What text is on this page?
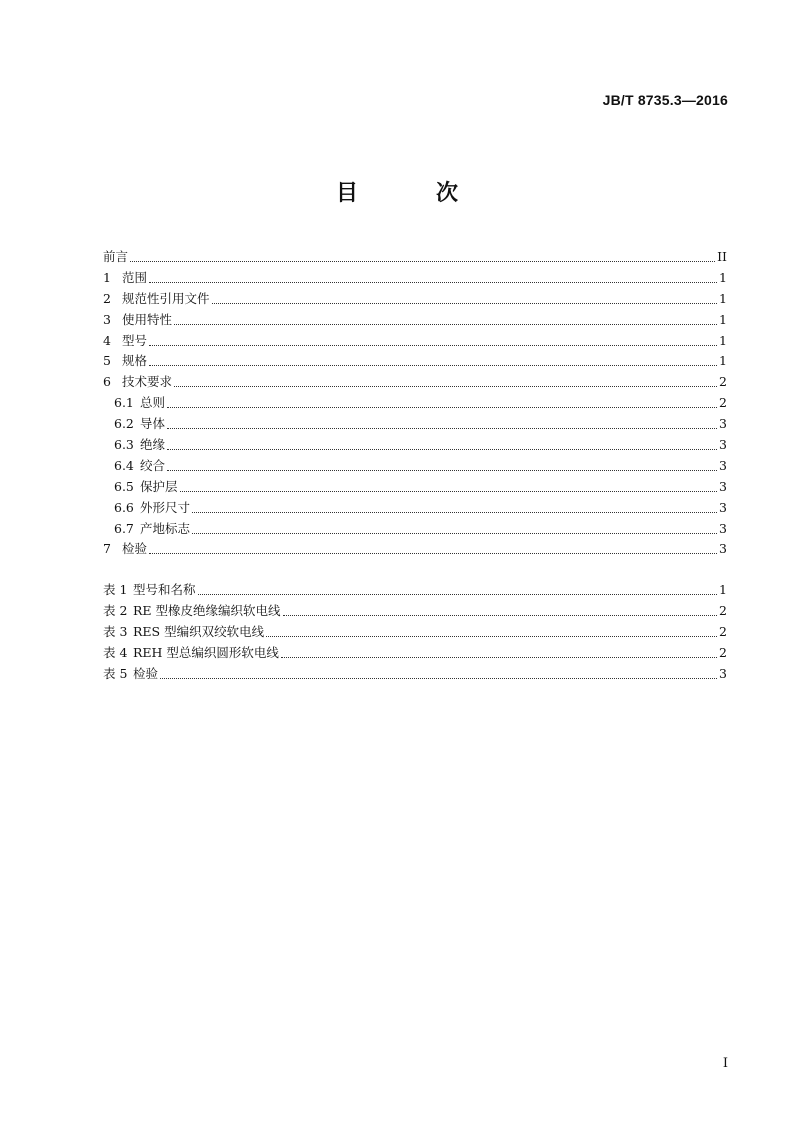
JB/T 8735.3—2016
目　次
前言	II
1 范围	1
2 规范性引用文件	1
3 使用特性	1
4 型号	1
5 规格	1
6 技术要求	2
6.1 总则	2
6.2 导体	3
6.3 绝缘	3
6.4 绞合	3
6.5 保护层	3
6.6 外形尺寸	3
6.7 产地标志	3
7 检验	3
表 1 型号和名称	1
表 2 RE 型橡皮绝缘编织软电线	2
表 3 RES 型编织双绞软电线	2
表 4 REH 型总编织圆形软电线	2
表 5 检验	3
I
